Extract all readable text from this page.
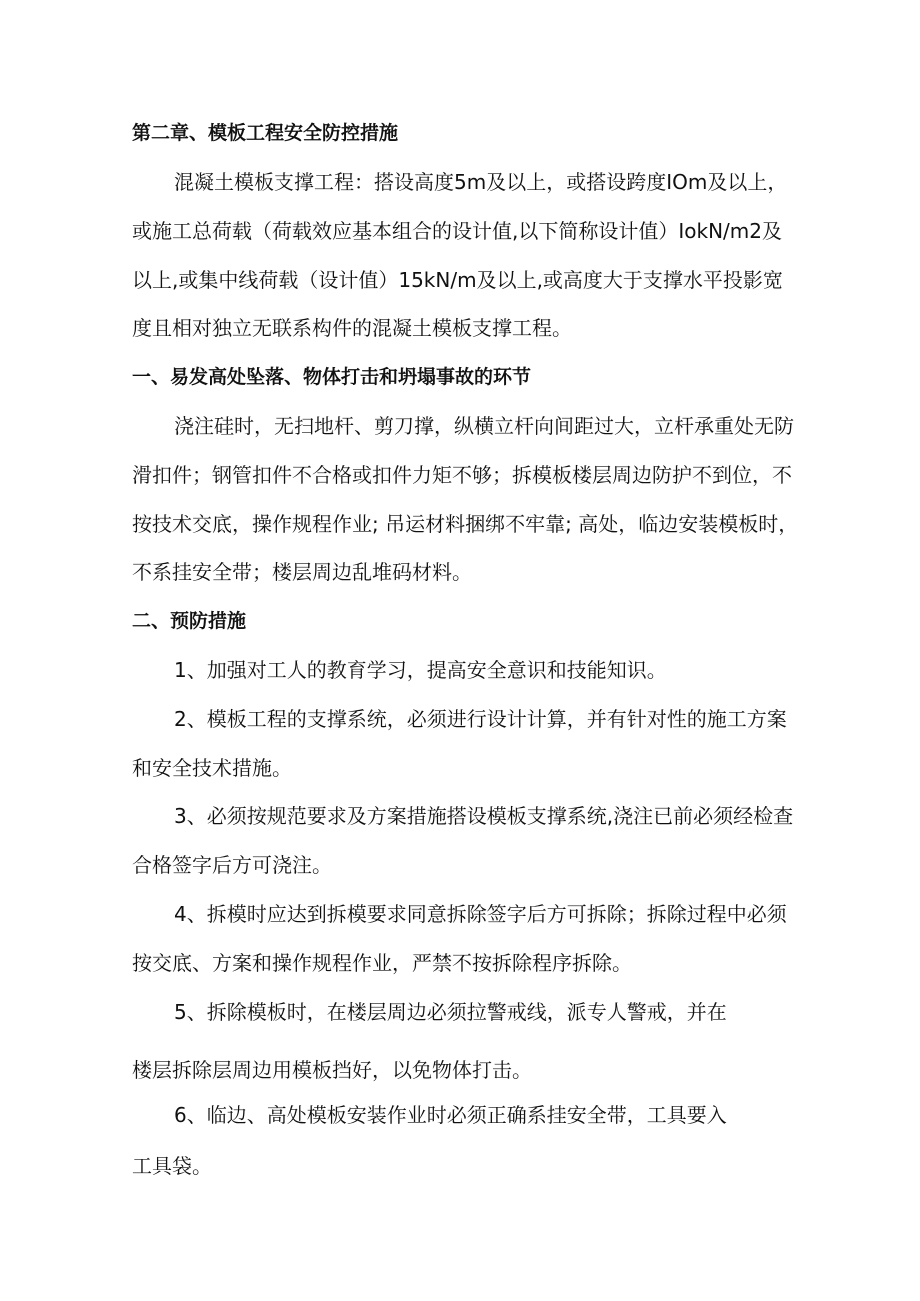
第二章、模板工程安全防控措施
混凝土模板支撑工程：搭设高度5m及以上，或搭设跨度IOm及以上，
或施工总荷载（荷载效应基本组合的设计值,以下简称设计值）IokN/m2及
以上,或集中线荷载（设计值）15kN/m及以上,或高度大于支撑水平投影宽
度且相对独立无联系构件的混凝土模板支撑工程。
一、易发高处坠落、物体打击和坍塌事故的环节
浇注硅时，无扫地杆、剪刀撑，纵横立杆向间距过大，立杆承重处无防
滑扣件；钢管扣件不合格或扣件力矩不够；拆模板楼层周边防护不到位，不
按技术交底，操作规程作业; 吊运材料捆绑不牢靠; 高处，临边安装模板时，
不系挂安全带；楼层周边乱堆码材料。
二、预防措施
1、加强对工人的教育学习，提高安全意识和技能知识。
2、模板工程的支撑系统，必须进行设计计算，并有针对性的施工方案
和安全技术措施。
3、必须按规范要求及方案措施搭设模板支撑系统,浇注已前必须经检查
合格签字后方可浇注。
4、拆模时应达到拆模要求同意拆除签字后方可拆除；拆除过程中必须
按交底、方案和操作规程作业，严禁不按拆除程序拆除。
5、拆除模板时，在楼层周边必须拉警戒线，派专人警戒，并在
楼层拆除层周边用模板挡好，以免物体打击。
6、临边、高处模板安装作业时必须正确系挂安全带，工具要入
工具袋。
